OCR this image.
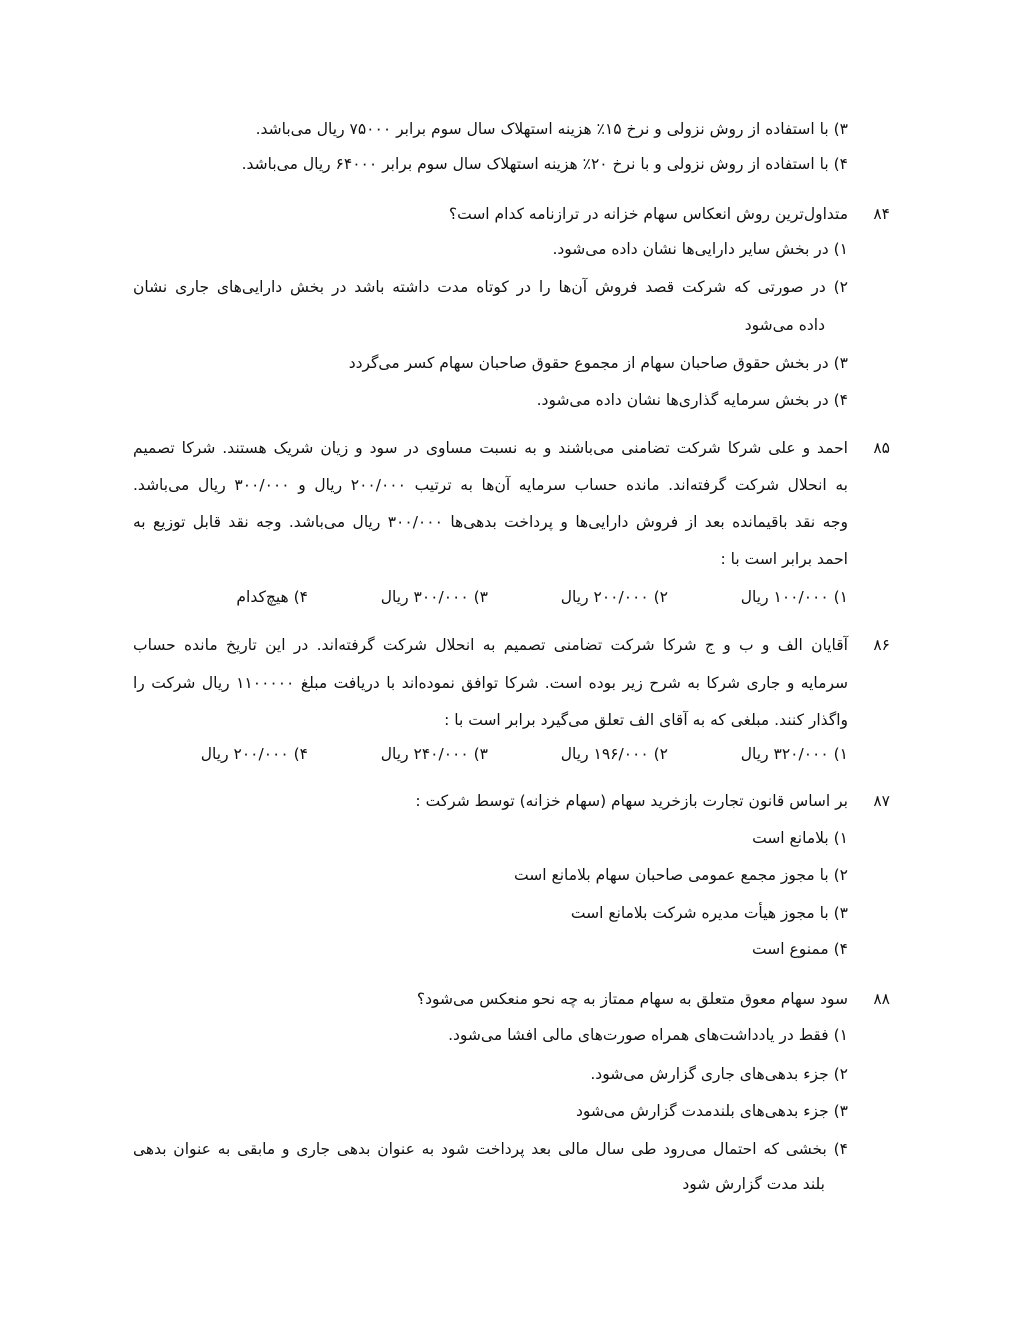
۳) با استفاده از روش نزولی و نرخ ۱۵٪ هزینه استهلاک سال سوم برابر ۷۵۰۰۰ ریال می‌باشد.
۴) با استفاده از روش نزولی و با نرخ ۲۰٪ هزینه استهلاک سال سوم برابر ۶۴۰۰۰ ریال می‌باشد.
۸۴
متداول‌ترین روش انعکاس سهام خزانه در ترازنامه کدام است؟
۱) در بخش سایر دارایی‌ها نشان داده می‌شود.
۲) در صورتی که شرکت قصد فروش آن‌ها را در کوتاه مدت داشته باشد در بخش دارایی‌های جاری نشان
داده می‌شود
۳) در بخش حقوق صاحبان سهام از مجموع حقوق صاحبان سهام کسر می‌گردد
۴) در بخش سرمایه گذاری‌ها نشان داده می‌شود.
۸۵
احمد و علی شرکا شرکت تضامنی می‌باشند و به نسبت مساوی در سود و زیان شریک هستند. شرکا تصمیم
به انحلال شرکت گرفته‌اند. مانده حساب سرمایه آن‌ها به ترتیب ۲۰۰/۰۰۰ ریال و ۳۰۰/۰۰۰ ریال می‌باشد.
وجه نقد باقیمانده بعد از فروش دارایی‌ها و پرداخت بدهی‌ها ۳۰۰/۰۰۰ ریال می‌باشد. وجه نقد قابل توزیع به
احمد برابر است با :
۱) ۱۰۰/۰۰۰ ریال
۲) ۲۰۰/۰۰۰ ریال
۳) ۳۰۰/۰۰۰ ریال
۴) هیچ‌کدام
۸۶
آقایان الف و ب و ج شرکا شرکت تضامنی تصمیم به انحلال شرکت گرفته‌اند. در این تاریخ مانده حساب
سرمایه و جاری شرکا به شرح زیر بوده است. شرکا توافق نموده‌اند با دریافت مبلغ ۱۱۰۰۰۰۰ ریال شرکت را
واگذار کنند. مبلغی که به آقای الف تعلق می‌گیرد برابر است با :
۱) ۳۲۰/۰۰۰ ریال
۲) ۱۹۶/۰۰۰ ریال
۳) ۲۴۰/۰۰۰ ریال
۴) ۲۰۰/۰۰۰ ریال
۸۷
بر اساس قانون تجارت بازخرید سهام (سهام خزانه) توسط شرکت :
۱) بلامانع است
۲) با مجوز مجمع عمومی صاحبان سهام بلامانع است
۳) با مجوز هیأت مدیره شرکت بلامانع است
۴) ممنوع است
۸۸
سود سهام معوق متعلق به سهام ممتاز به چه نحو منعکس می‌شود؟
۱) فقط در یادداشت‌های همراه صورت‌های مالی افشا می‌شود.
۲) جزء بدهی‌های جاری گزارش می‌شود.
۳) جزء بدهی‌های بلندمدت گزارش می‌شود
۴) بخشی که احتمال می‌رود طی سال مالی بعد پرداخت شود به عنوان بدهی جاری و مابقی به عنوان بدهی
بلند مدت گزارش شود
